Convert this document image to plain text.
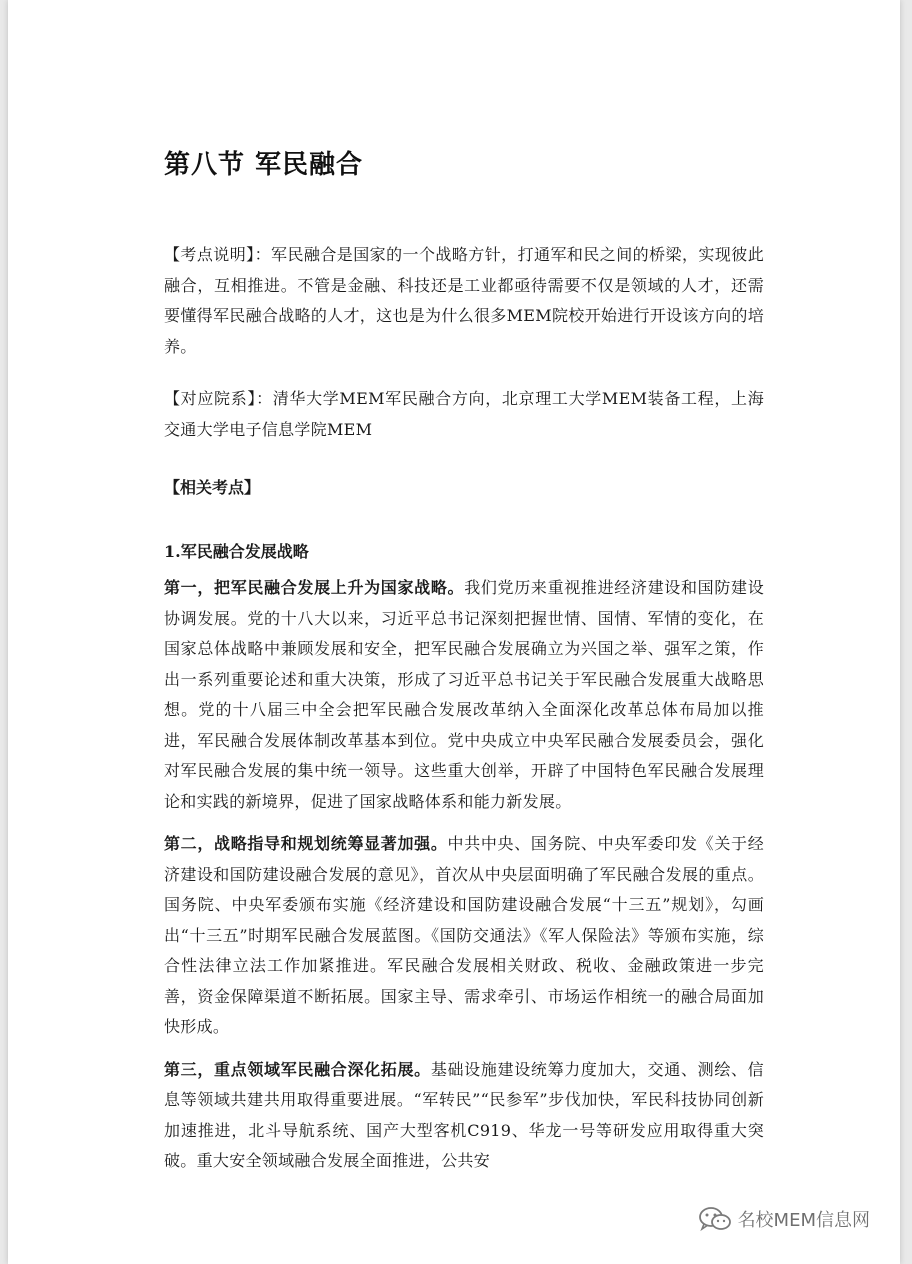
第八节 军民融合

【考点说明】：军民融合是国家的一个战略方针，打通军和民之间的桥梁，实现彼此融合，互相推进。不管是金融、科技还是工业都亟待需要不仅是领域的人才，还需要懂得军民融合战略的人才，这也是为什么很多MEM院校开始进行开设该方向的培养。

【对应院系】：清华大学MEM军民融合方向，北京理工大学MEM装备工程，上海交通大学电子信息学院MEM

【相关考点】

1.军民融合发展战略

第一，把军民融合发展上升为国家战略。我们党历来重视推进经济建设和国防建设协调发展。党的十八大以来，习近平总书记深刻把握世情、国情、军情的变化，在国家总体战略中兼顾发展和安全，把军民融合发展确立为兴国之举、强军之策，作出一系列重要论述和重大决策，形成了习近平总书记关于军民融合发展重大战略思想。党的十八届三中全会把军民融合发展改革纳入全面深化改革总体布局加以推进，军民融合发展体制改革基本到位。党中央成立中央军民融合发展委员会，强化对军民融合发展的集中统一领导。这些重大创举，开辟了中国特色军民融合发展理论和实践的新境界，促进了国家战略体系和能力新发展。

第二，战略指导和规划统筹显著加强。中共中央、国务院、中央军委印发《关于经济建设和国防建设融合发展的意见》，首次从中央层面明确了军民融合发展的重点。国务院、中央军委颁布实施《经济建设和国防建设融合发展“十三五”规划》，勾画出“十三五”时期军民融合发展蓝图。《国防交通法》《军人保险法》等颁布实施，综合性法律立法工作加紧推进。军民融合发展相关财政、税收、金融政策进一步完善，资金保障渠道不断拓展。国家主导、需求牵引、市场运作相统一的融合局面加快形成。

第三，重点领域军民融合深化拓展。基础设施建设统筹力度加大，交通、测绘、信息等领域共建共用取得重要进展。“军转民”“民参军”步伐加快，军民科技协同创新加速推进，北斗导航系统、国产大型客机C919、华龙一号等研发应用取得重大突破。重大安全领域融合发展全面推进，公共安

名校MEM信息网
